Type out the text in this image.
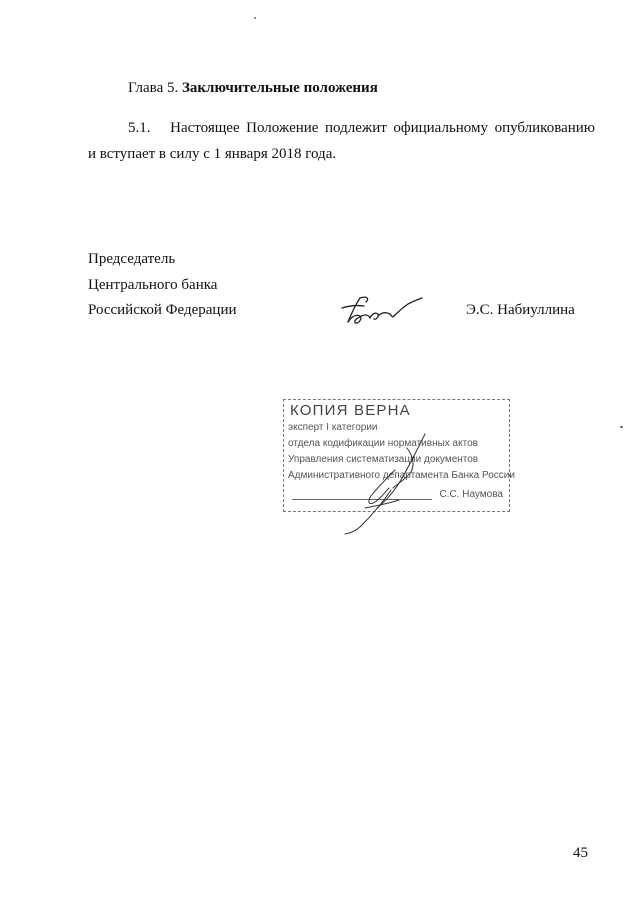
Глава 5. Заключительные положения
5.1. Настоящее Положение подлежит официальному опубликованию
и вступает в силу с 1 января 2018 года.
Председатель
Центрального банка
Российской Федерации	Э.С. Набиуллина
КОПИЯ ВЕРНА
эксперт I категории
отдела кодификации нормативных актов
Управления систематизации документов
Административного департамента Банка России
С.С. Наумова
45
